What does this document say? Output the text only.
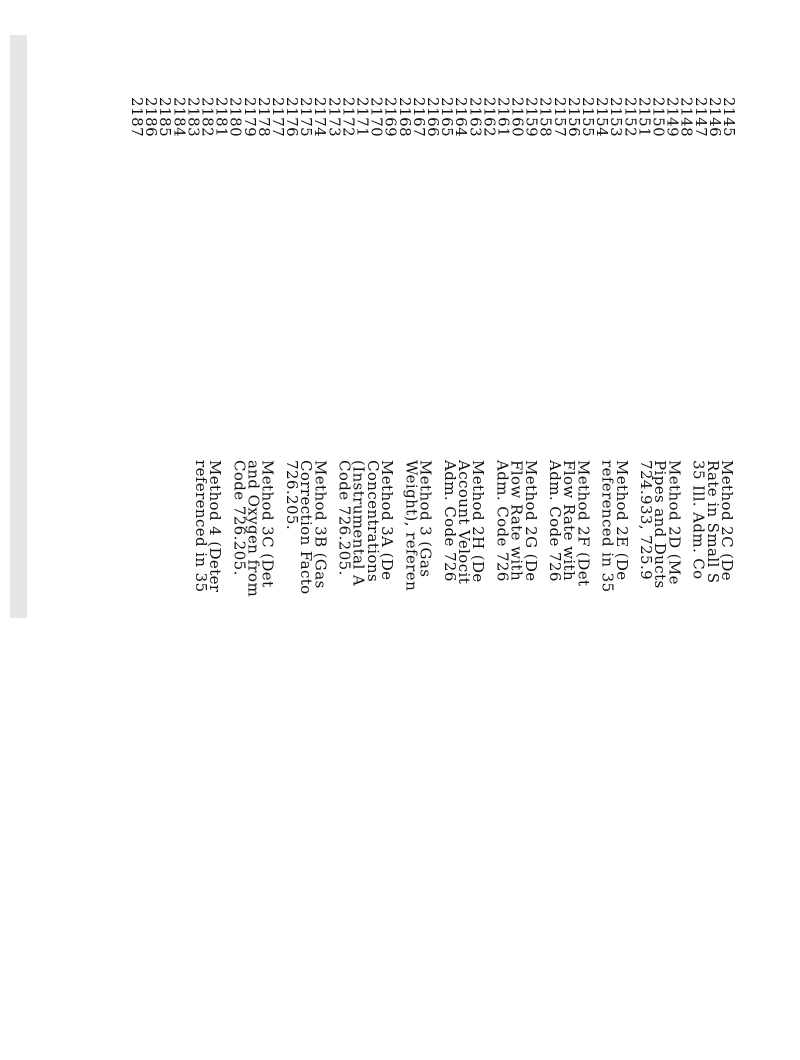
2145
2146
2147
2148
2149
2150
2151
2152
2153
2154
2155
2156
2157
2158
2159
2160
2161
2162
2163
2164
2165
2166
2167
2168
2169
2170
2171
2172
2173
2174
2175
2176
2177
2178
2179
2180
2181
2182
2183
2184
2185
2186
2187
Method 2C (De
Rate in Small S
35 Ill. Adm. Co
Method 2D (Me
Pipes and Ducts
724.933, 725.9
Method 2E (De
referenced in 35
Method 2F (Det
Flow Rate with
Adm. Code 726
Method 2G (De
Flow Rate with
Adm. Code 726
Method 2H (De
Account Velocit
Adm. Code 726
Method 3 (Gas
Weight), referen
Method 3A (De
Concentrations
(Instrumental A
Code 726.205.
Method 3B (Gas
Correction Facto
726.205.
Method 3C (Det
and Oxygen from
Code 726.205.
Method 4 (Deter
referenced in 35
